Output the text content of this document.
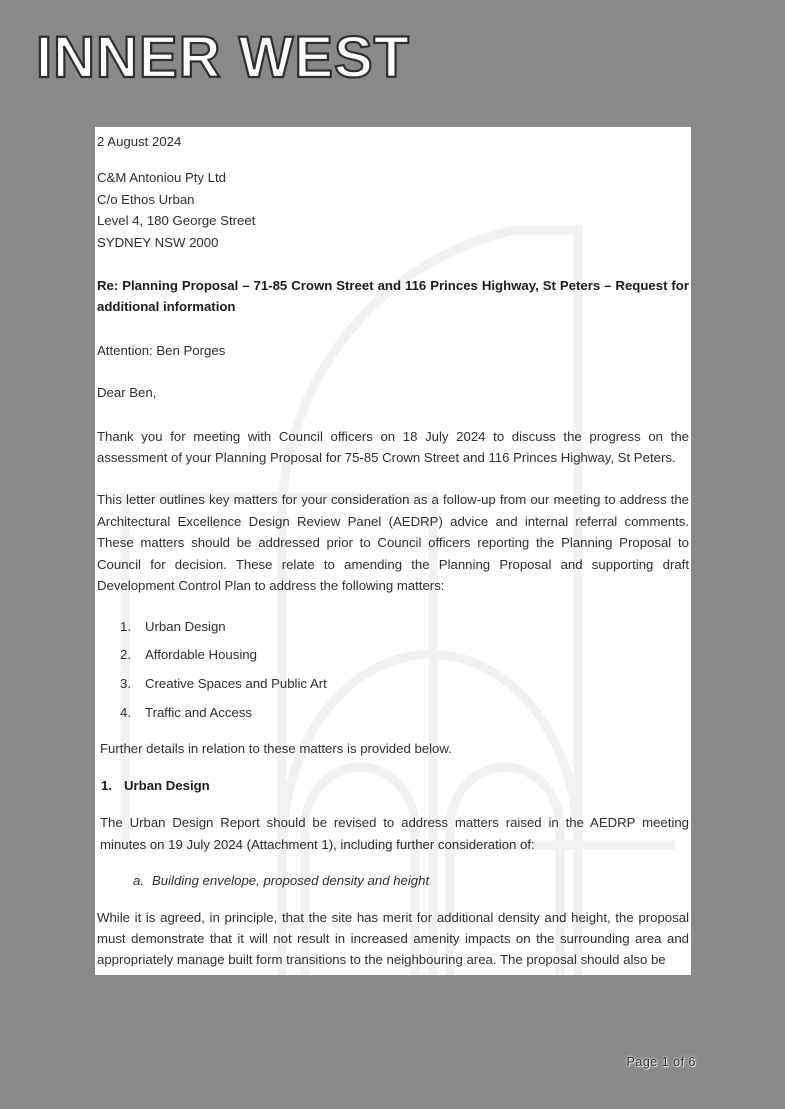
INNER WEST

2 August 2024

C&M Antoniou Pty Ltd

C/o Ethos Urban

Level 4, 180 George Street

SYDNEY NSW 2000

Re: Planning Proposal – 71-85 Crown Street and 116 Princes Highway, St Peters – Request for additional information

Attention: Ben Porges

Dear Ben,

Thank you for meeting with Council officers on 18 July 2024 to discuss the progress on the assessment of your Planning Proposal for 75-85 Crown Street and 116 Princes Highway, St Peters.

This letter outlines key matters for your consideration as a follow-up from our meeting to address the Architectural Excellence Design Review Panel (AEDRP) advice and internal referral comments. These matters should be addressed prior to Council officers reporting the Planning Proposal to Council for decision. These relate to amending the Planning Proposal and supporting draft Development Control Plan to address the following matters:

1.	Urban Design
2.	Affordable Housing
3.	Creative Spaces and Public Art
4.	Traffic and Access

Further details in relation to these matters is provided below.

1. Urban Design

The Urban Design Report should be revised to address matters raised in the AEDRP meeting minutes on 19 July 2024 (Attachment 1), including further consideration of:

a. Building envelope, proposed density and height

While it is agreed, in principle, that the site has merit for additional density and height, the proposal must demonstrate that it will not result in increased amenity impacts on the surrounding area and appropriately manage built form transitions to the neighbouring area. The proposal should also be

Page 1 of 6
